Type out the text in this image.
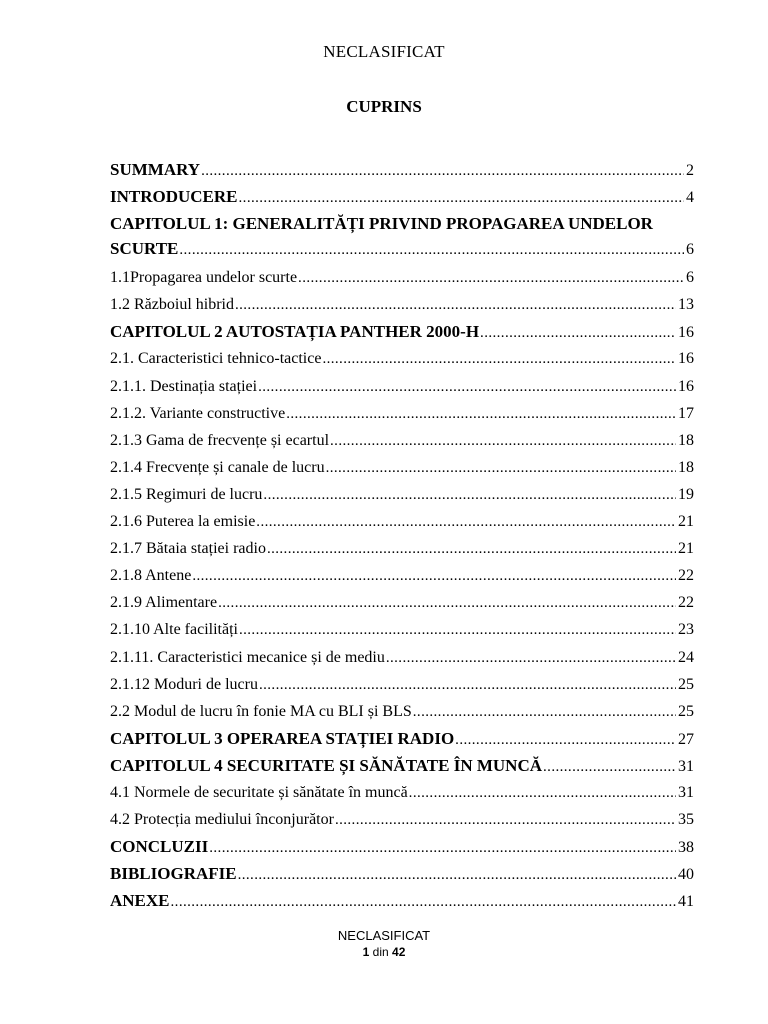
NECLASIFICAT
CUPRINS
SUMMARY .....	2
INTRODUCERE .....	4
CAPITOLUL 1: GENERALITĂȚI PRIVIND PROPAGAREA UNDELOR
SCURTE .....	6
1.1Propagarea undelor scurte .....	6
1.2 Războiul hibrid .....	13
CAPITOLUL 2 AUTOSTAȚIA PANTHER 2000-H .....	16
2.1. Caracteristici tehnico-tactice .....	16
2.1.1. Destinația stației .....	16
2.1.2. Variante constructive .....	17
2.1.3 Gama de frecvențe și ecartul .....	18
2.1.4 Frecvențe și canale de lucru .....	18
2.1.5 Regimuri de lucru .....	19
2.1.6 Puterea la emisie .....	21
2.1.7 Bătaia stației radio .....	21
2.1.8 Antene .....	22
2.1.9 Alimentare .....	22
2.1.10 Alte facilități .....	23
2.1.11. Caracteristici mecanice și de mediu .....	24
2.1.12 Moduri de lucru .....	25
2.2 Modul de lucru în fonie MA cu BLI și BLS .....	25
CAPITOLUL 3 OPERAREA STAȚIEI RADIO .....	27
CAPITOLUL 4 SECURITATE ȘI SĂNĂTATE ÎN MUNCĂ .....	31
4.1 Normele de securitate și sănătate în muncă .....	31
4.2 Protecția mediului înconjurător .....	35
CONCLUZII .....	38
BIBLIOGRAFIE .....	40
ANEXE .....	41
NECLASIFICAT
1 din 42
